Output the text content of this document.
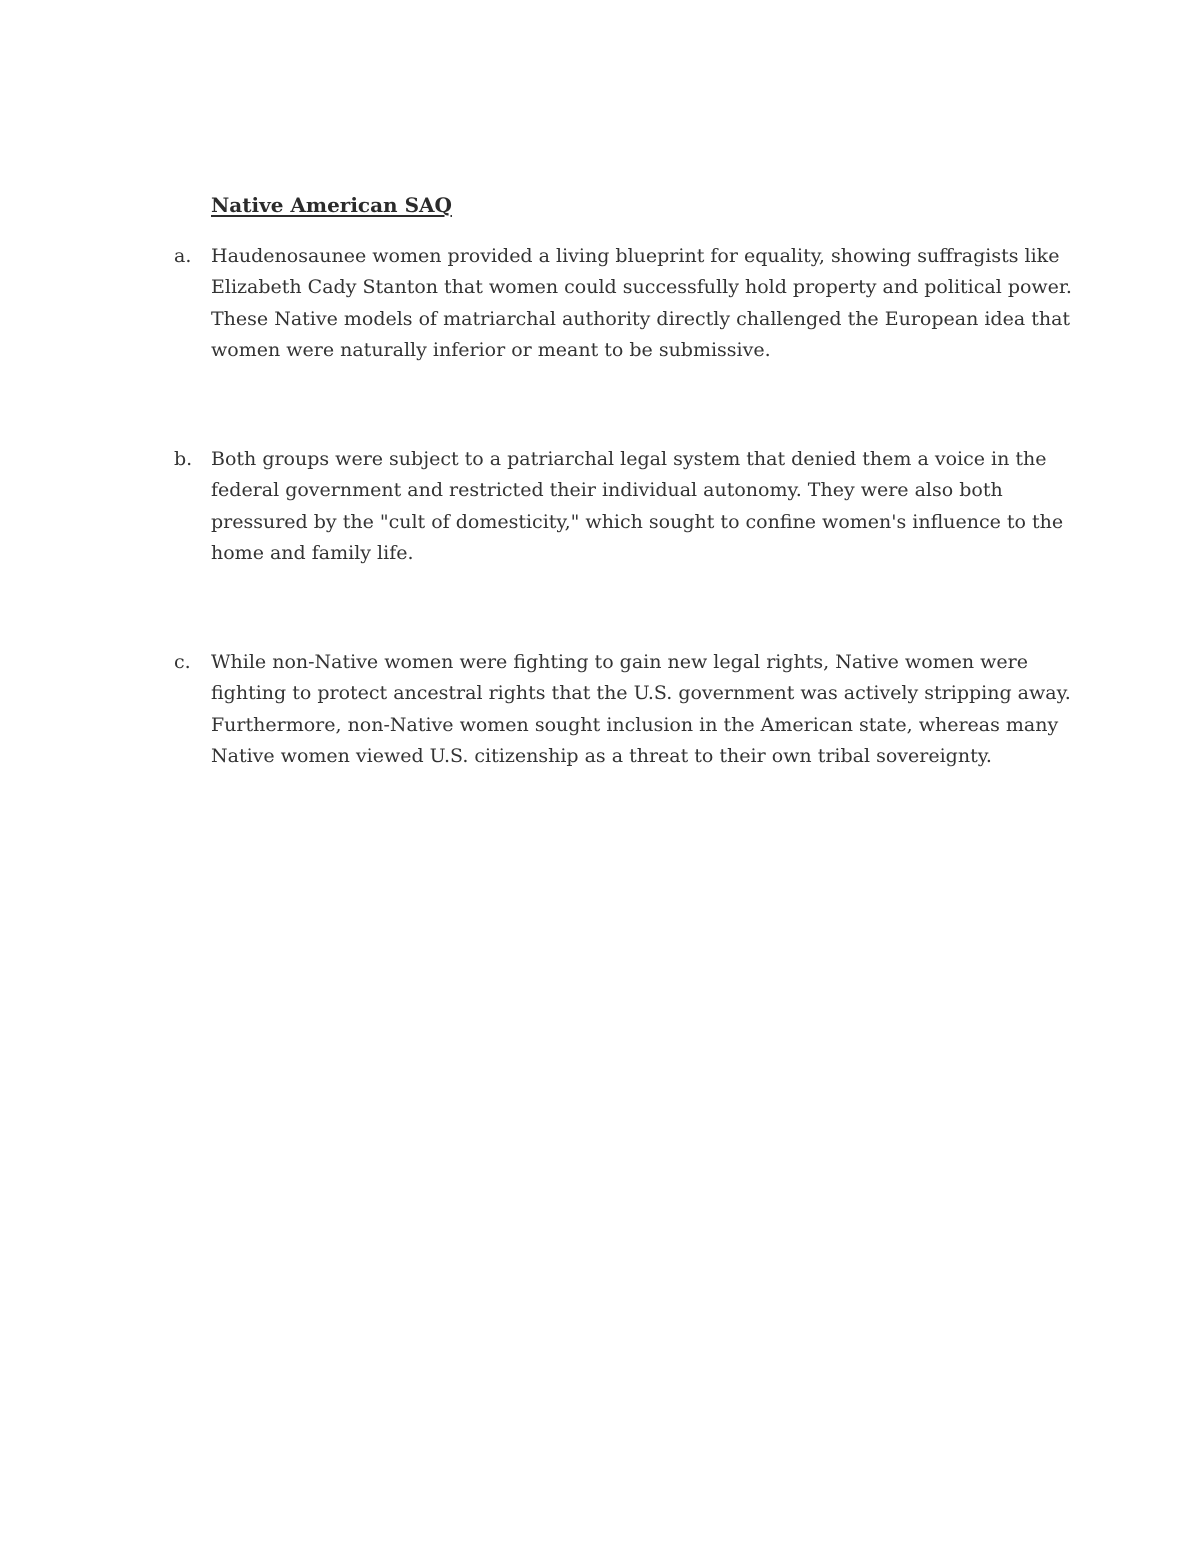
Native American SAQ
a.	Haudenosaunee women provided a living blueprint for equality, showing suffragists like Elizabeth Cady Stanton that women could successfully hold property and political power. These Native models of matriarchal authority directly challenged the European idea that women were naturally inferior or meant to be submissive.
b. Both groups were subject to a patriarchal legal system that denied them a voice in the federal government and restricted their individual autonomy. They were also both pressured by the "cult of domesticity," which sought to confine women's influence to the home and family life.
c.	While non-Native women were fighting to gain new legal rights, Native women were fighting to protect ancestral rights that the U.S. government was actively stripping away. Furthermore, non-Native women sought inclusion in the American state, whereas many Native women viewed U.S. citizenship as a threat to their own tribal sovereignty.
